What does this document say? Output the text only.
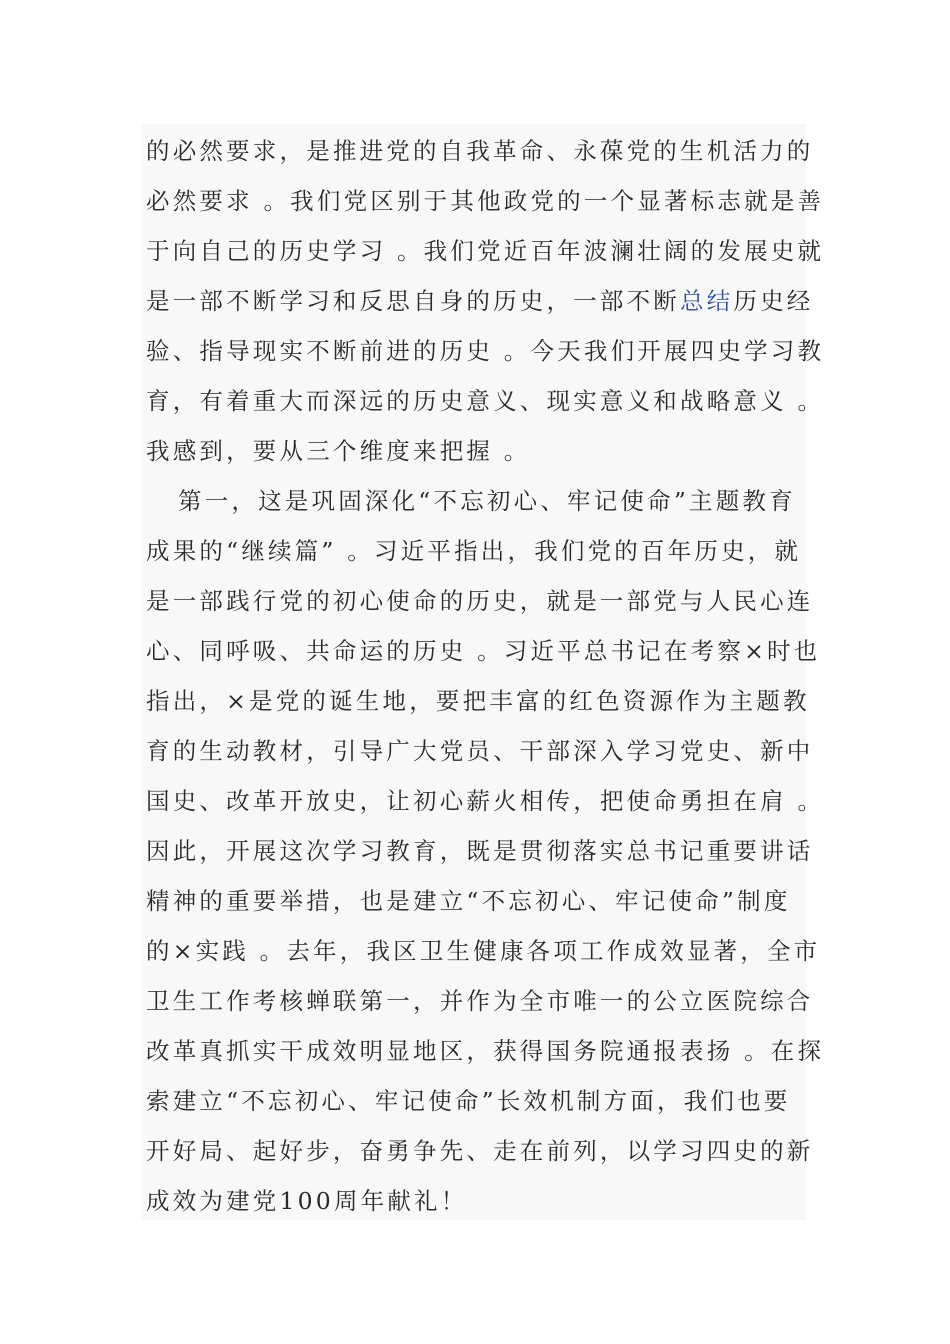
的必然要求，是推进党的自我革命、永葆党的生机活力的
必然要求 。我们党区别于其他政党的一个显著标志就是善
于向自己的历史学习 。我们党近百年波澜壮阔的发展史就
是一部不断学习和反思自身的历史，一部不断总结历史经
验、指导现实不断前进的历史 。今天我们开展四史学习教
育，有着重大而深远的历史意义、现实意义和战略意义 。
我感到，要从三个维度来把握 。
第一，这是巩固深化“不忘初心、牢记使命”主题教育
成果的“继续篇” 。习近平指出，我们党的百年历史，就
是一部践行党的初心使命的历史，就是一部党与人民心连
心、同呼吸、共命运的历史 。习近平总书记在考察×时也
指出，×是党的诞生地，要把丰富的红色资源作为主题教
育的生动教材，引导广大党员、干部深入学习党史、新中
国史、改革开放史，让初心薪火相传，把使命勇担在肩 。
因此，开展这次学习教育，既是贯彻落实总书记重要讲话
精神的重要举措，也是建立“不忘初心、牢记使命”制度
的×实践 。去年，我区卫生健康各项工作成效显著，全市
卫生工作考核蝉联第一，并作为全市唯一的公立医院综合
改革真抓实干成效明显地区，获得国务院通报表扬 。在探
索建立“不忘初心、牢记使命”长效机制方面，我们也要
开好局、起好步，奋勇争先、走在前列，以学习四史的新
成效为建党100周年献礼！
